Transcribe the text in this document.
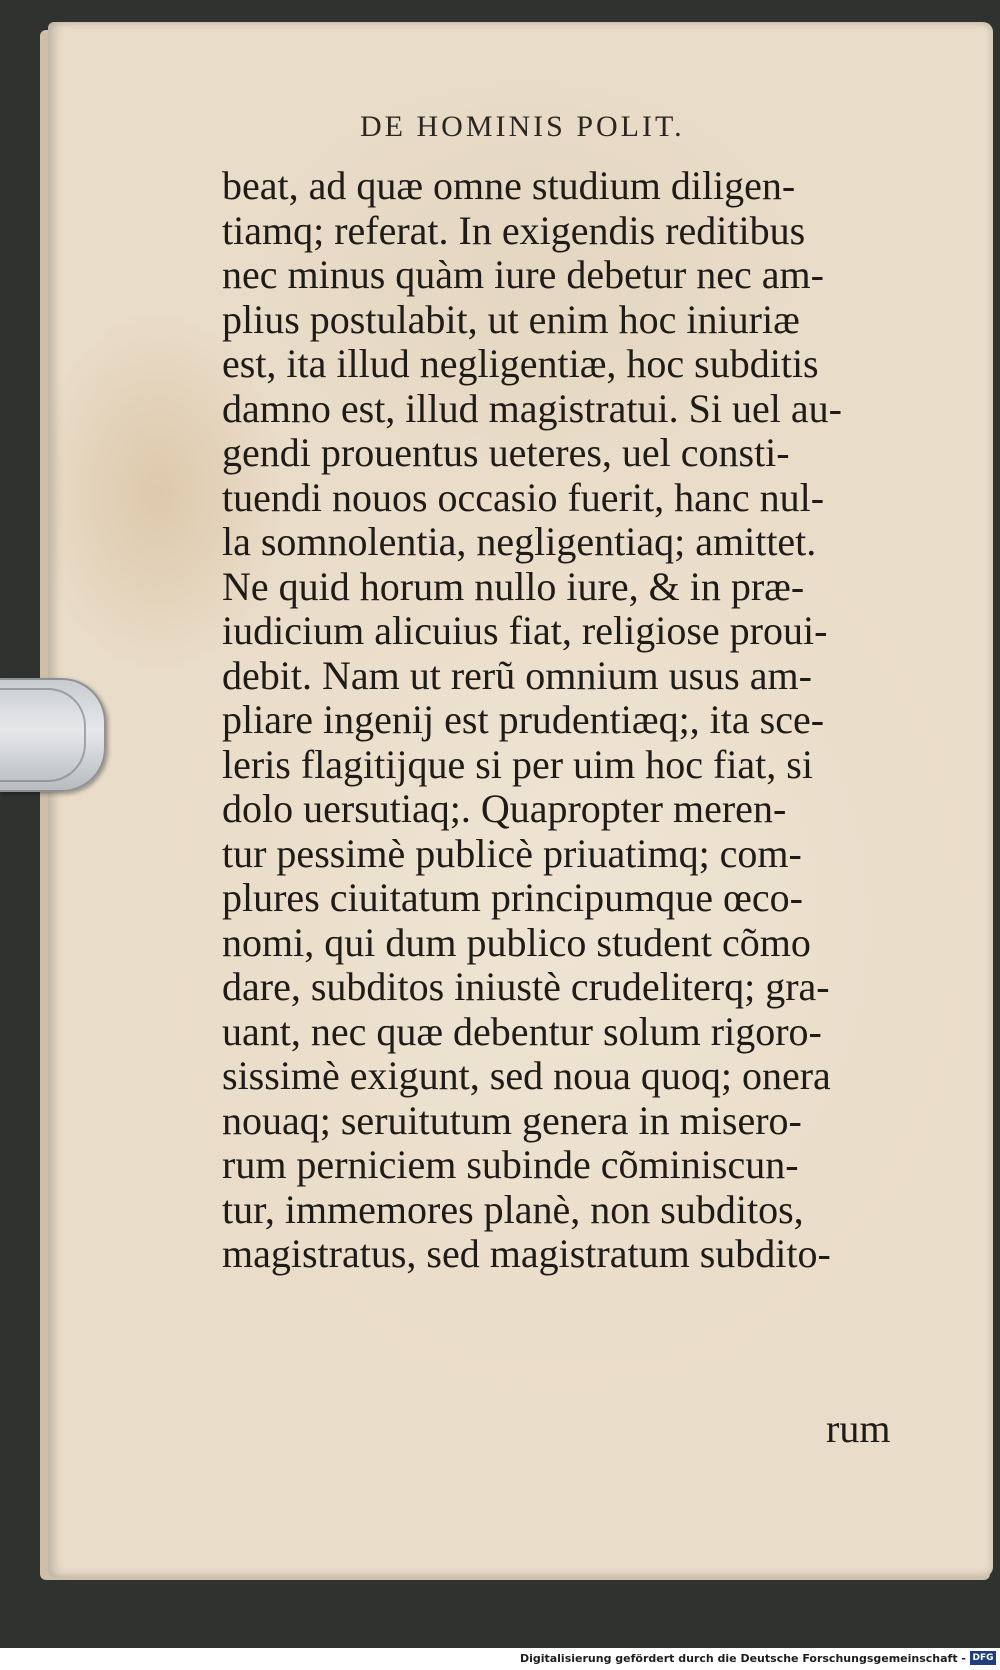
DE HOMINIS POLIT.
beat, ad quæ omne studium diligen-
tiamq; referat. In exigendis reditibus
nec minus quàm iure debetur nec am-
plius postulabit, ut enim hoc iniuriæ
est, ita illud negligentiæ, hoc subditis
damno est, illud magistratui. Si uel au-
gendi prouentus ueteres, uel consti-
tuendi nouos occasio fuerit, hanc nul-
la somnolentia, negligentiaq; amittet.
Ne quid horum nullo iure, & in præ-
iudicium alicuius fiat, religiose proui-
debit. Nam ut rerũ omnium usus am-
pliare ingenij est prudentiæq;, ita sce-
leris flagitijque si per uim hoc fiat, si
dolo uersutiaq;. Quapropter meren-
tur pessimè publicè priuatimq; com-
plures ciuitatum principumque œco-
nomi, qui dum publico student cõmo
dare, subditos iniustè crudeliterq; gra-
uant, nec quæ debentur solum rigoro-
sissimè exigunt, sed noua quoq; onera
nouaq; seruitutum genera in misero-
rum perniciem subinde cõminiscun-
tur, immemores planè, non subditos,
magistratus, sed magistratum subdito-
rum
Digitalisierung gefördert durch die Deutsche Forschungsgemeinschaft - DFG
